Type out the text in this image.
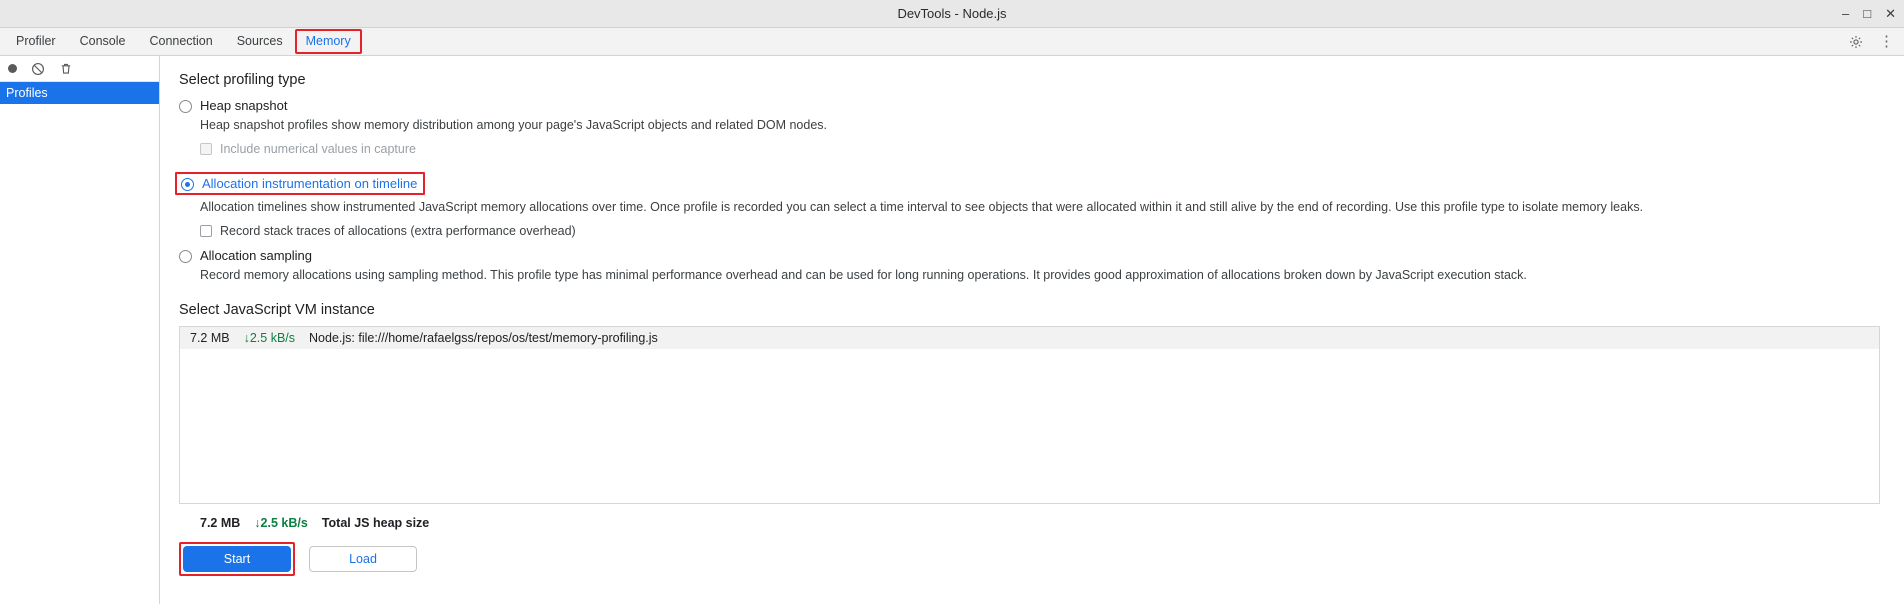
DevTools - Node.js	– □ ✕
Profiler	Console	Connection	Sources	Memory	⋮
Profiles
Select profiling type
Heap snapshot
Heap snapshot profiles show memory distribution among your page's JavaScript objects and related DOM nodes.
Include numerical values in capture
Allocation instrumentation on timeline
Allocation timelines show instrumented JavaScript memory allocations over time. Once profile is recorded you can select a time interval to see objects that were allocated within it and still alive by the end of recording. Use this profile type to isolate memory leaks.
Record stack traces of allocations (extra performance overhead)
Allocation sampling
Record memory allocations using sampling method. This profile type has minimal performance overhead and can be used for long running operations. It provides good approximation of allocations broken down by JavaScript execution stack.
Select JavaScript VM instance
7.2 MB ↓2.5 kB/s Node.js: file:///home/rafaelgss/repos/os/test/memory-profiling.js
7.2 MB ↓2.5 kB/s Total JS heap size
Start	Load
